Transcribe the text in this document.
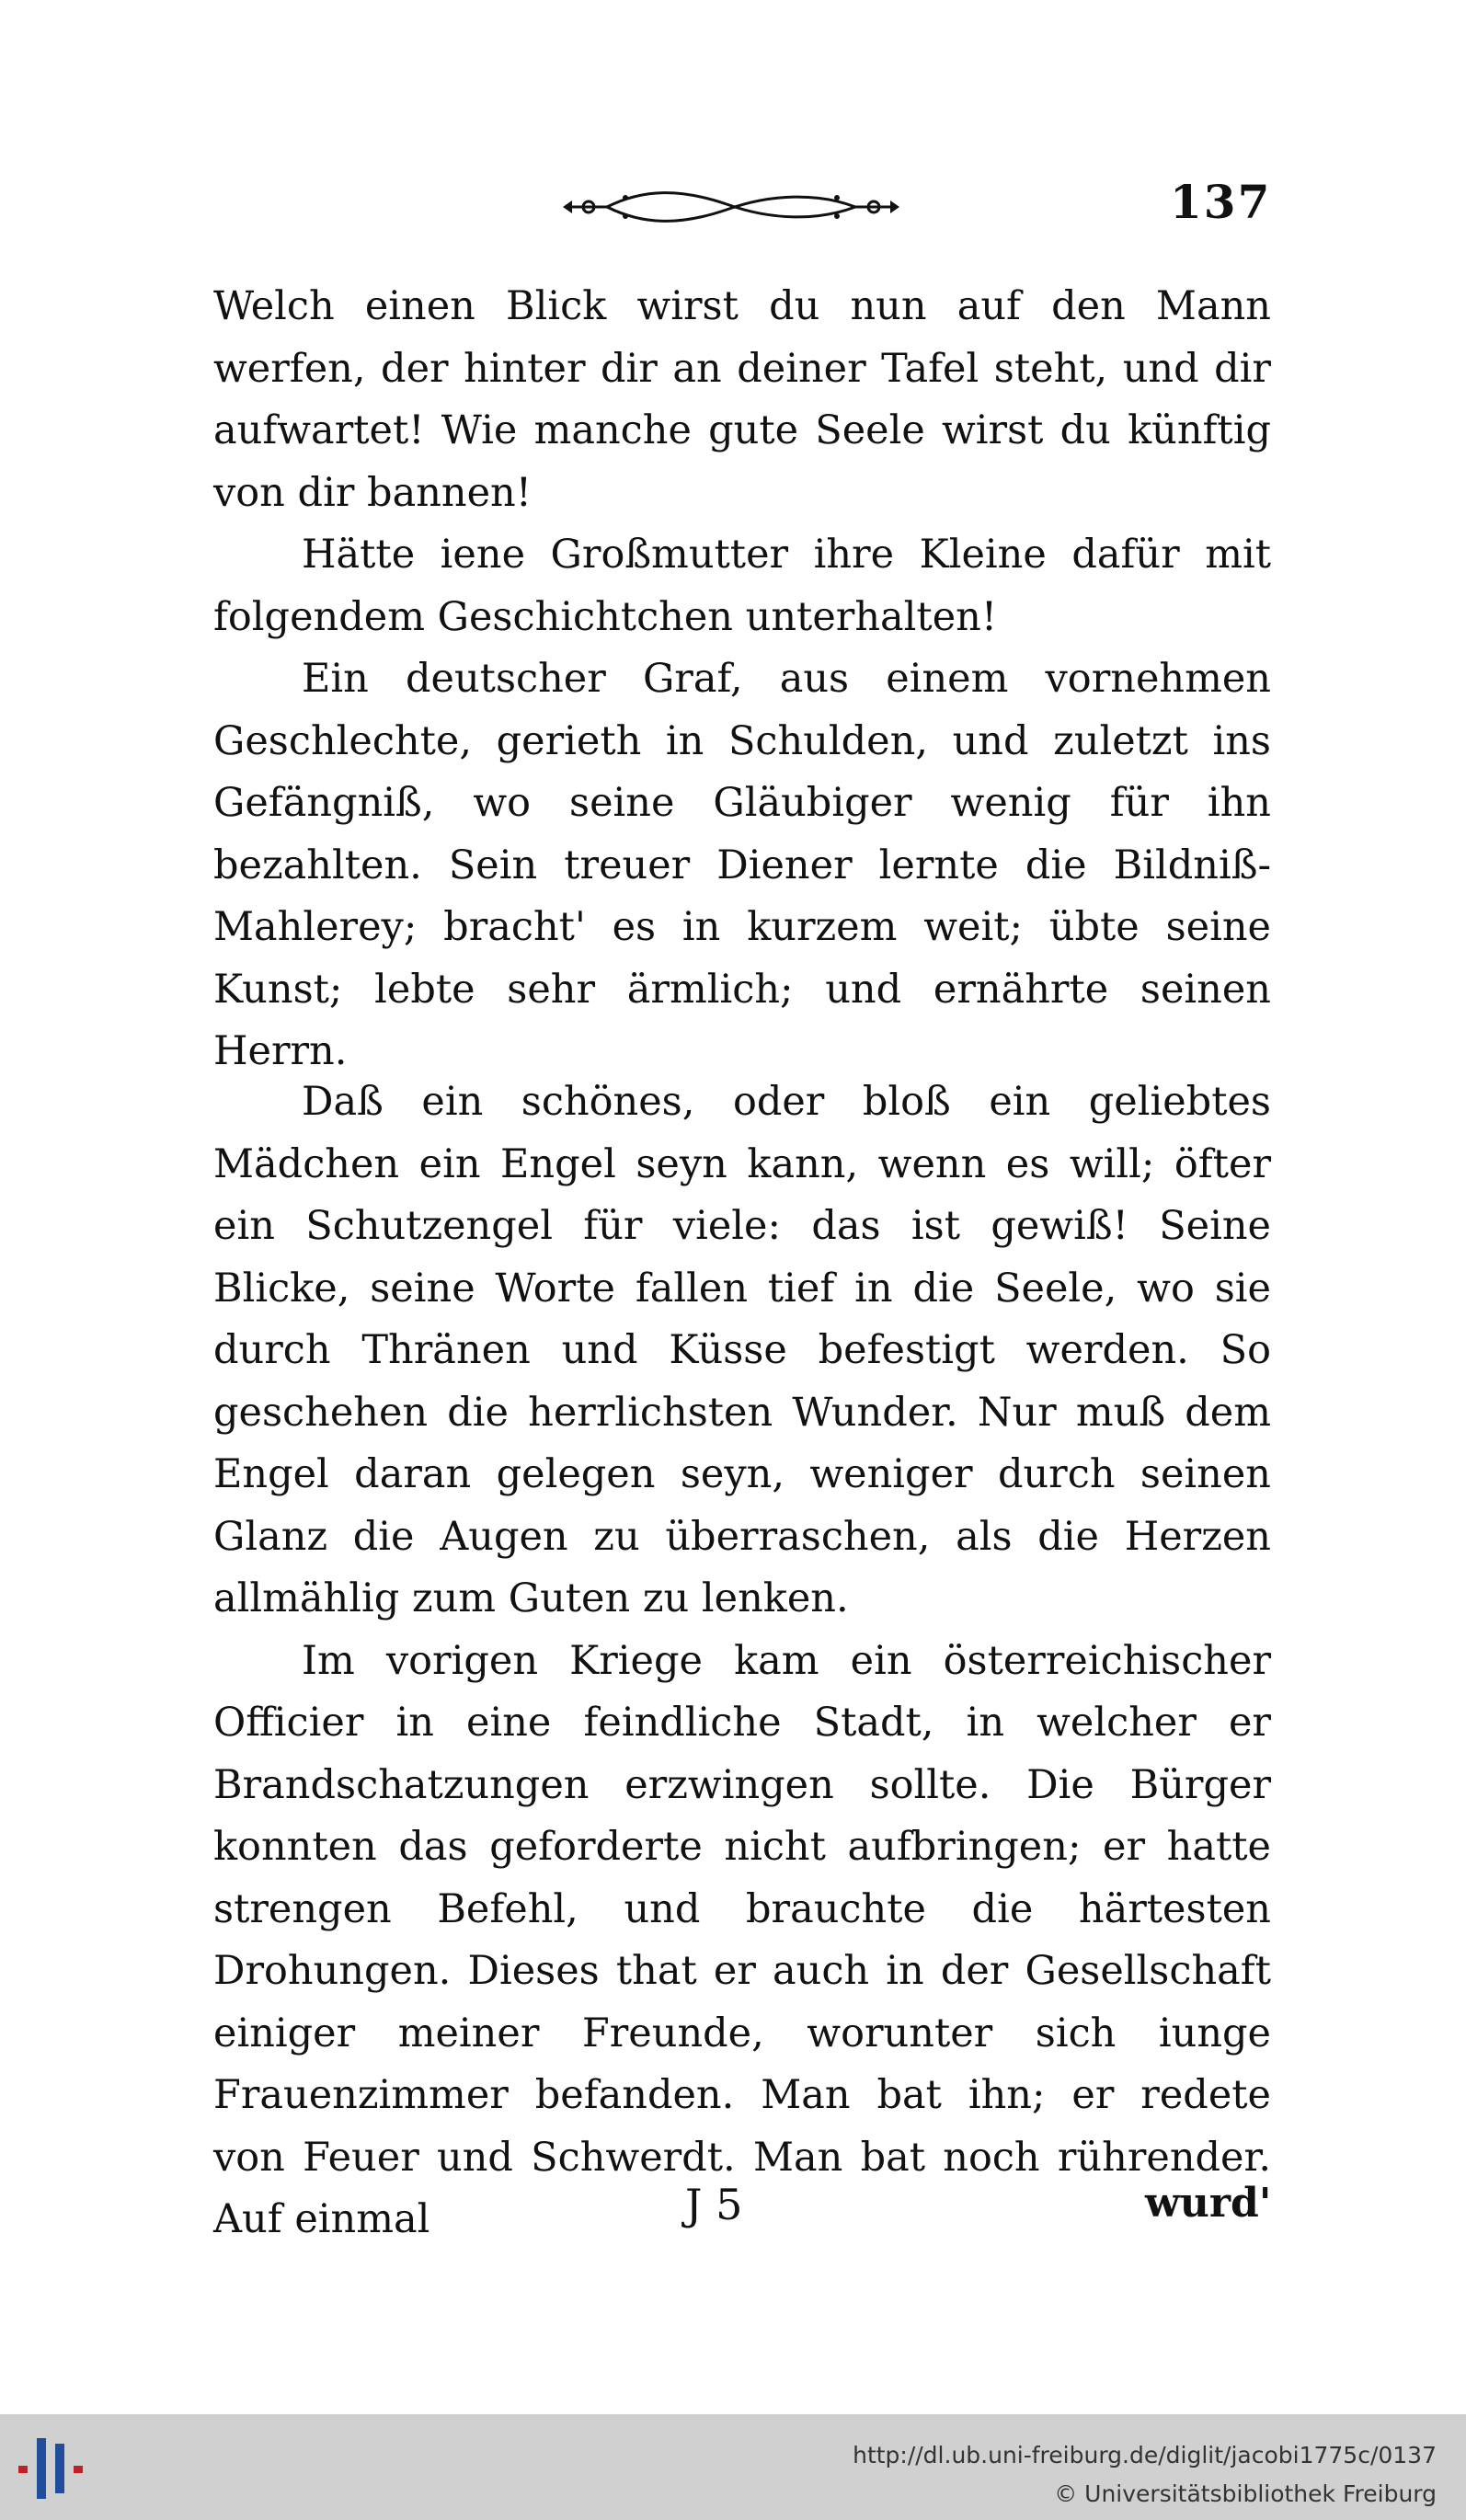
137

Welch einen Blick wirst du nun auf den Mann werfen, der hinter dir an deiner Tafel steht, und dir aufwartet! Wie manche gute Seele wirst du künftig von dir bannen!

Hätte iene Großmutter ihre Kleine dafür mit folgendem Geschichtchen unterhalten!

Ein deutscher Graf, aus einem vornehmen Geschlechte, gerieth in Schulden, und zuletzt ins Gefängniß, wo seine Gläubiger wenig für ihn bezahlten. Sein treuer Diener lernte die Bildniß-Mahlerey; bracht' es in kurzem weit; übte seine Kunst; lebte sehr ärmlich; und ernährte seinen Herrn.

Daß ein schönes, oder bloß ein geliebtes Mädchen ein Engel seyn kann, wenn es will; öfter ein Schutzengel für viele: das ist gewiß! Seine Blicke, seine Worte fallen tief in die Seele, wo sie durch Thränen und Küsse befestigt werden. So geschehen die herrlichsten Wunder. Nur muß dem Engel daran gelegen seyn, weniger durch seinen Glanz die Augen zu überraschen, als die Herzen allmählig zum Guten zu lenken.

Im vorigen Kriege kam ein österreichischer Officier in eine feindliche Stadt, in welcher er Brandschatzungen erzwingen sollte. Die Bürger konnten das geforderte nicht aufbringen; er hatte strengen Befehl, und brauchte die härtesten Drohungen. Dieses that er auch in der Gesellschaft einiger meiner Freunde, worunter sich iunge Frauenzimmer befanden. Man bat ihn; er redete von Feuer und Schwerdt. Man bat noch rührender. Auf einmal	J 5	wurd'
http://dl.ub.uni-freiburg.de/diglit/jacobi1775c/0137
© Universitätsbibliothek Freiburg
